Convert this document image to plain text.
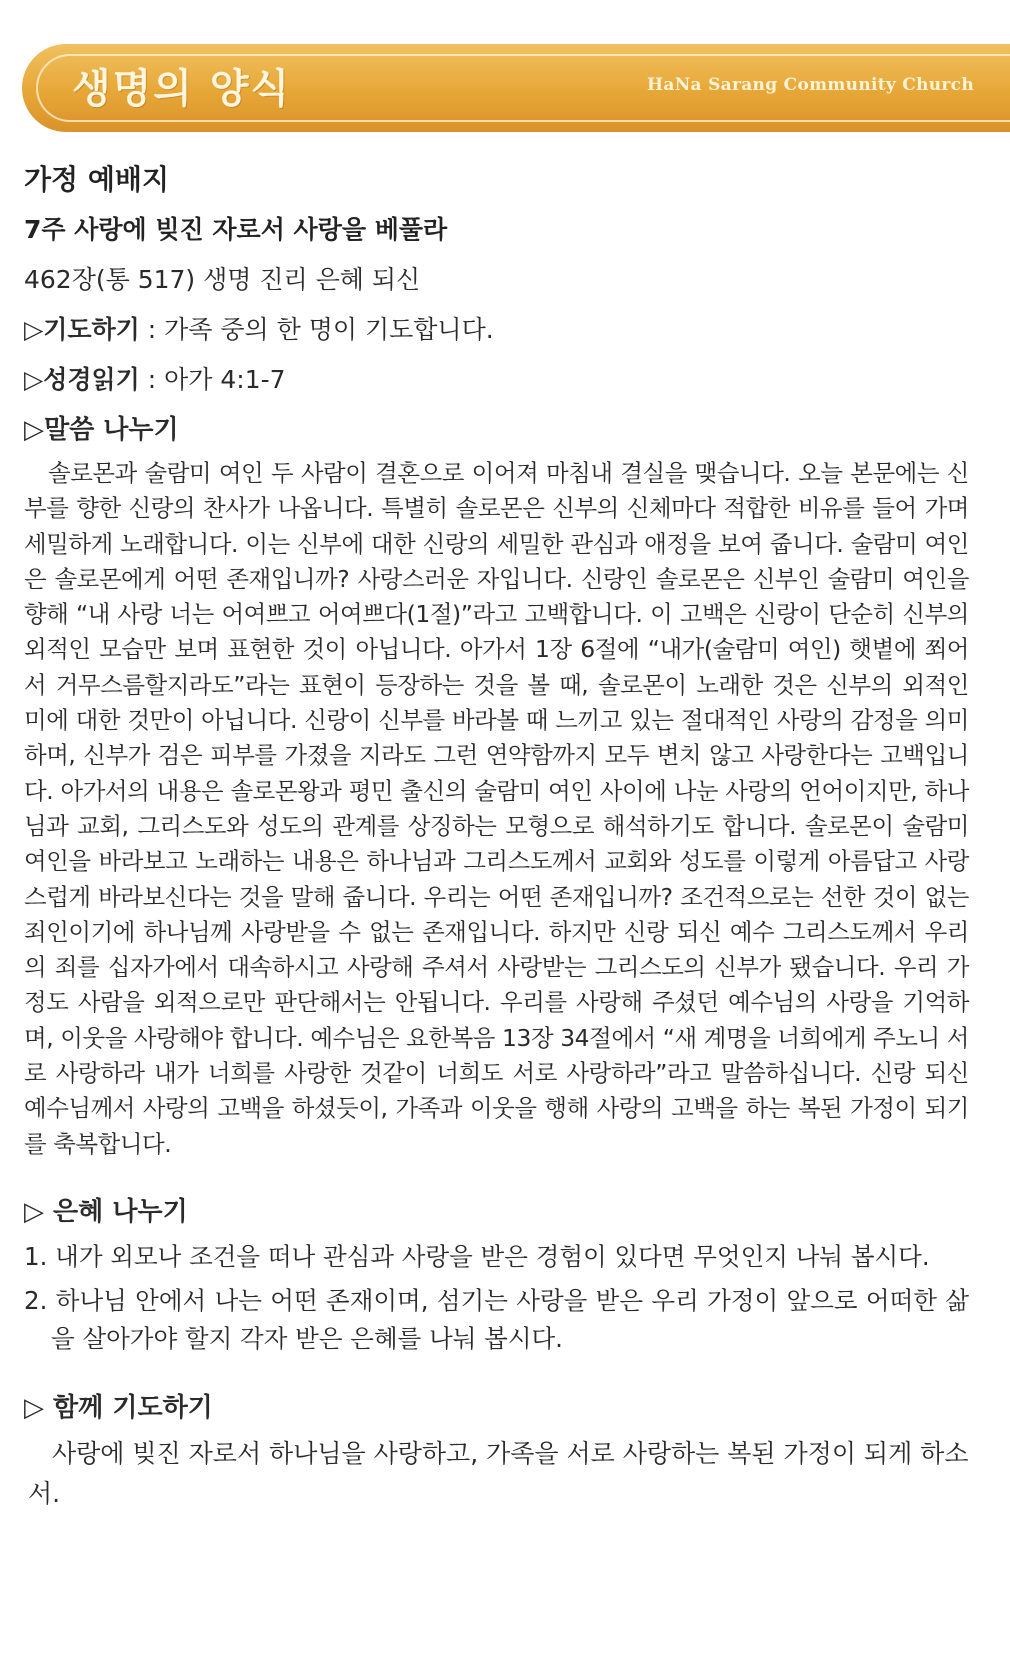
생명의 양식	HaNa Sarang Community Church
가정 예배지
7주 사랑에 빚진 자로서 사랑을 베풀라
462장(통 517) 생명 진리 은혜 되신
▷기도하기 : 가족 중의 한 명이 기도합니다.
▷성경읽기 : 아가 4:1-7
▷말씀 나누기

솔로몬과 술람미 여인 두 사람이 결혼으로 이어져 마침내 결실을 맺습니다. 오늘 본문에는 신부를 향한 신랑의 찬사가 나옵니다. 특별히 솔로몬은 신부의 신체마다 적합한 비유를 들어 가며 세밀하게 노래합니다. 이는 신부에 대한 신랑의 세밀한 관심과 애정을 보여 줍니다. 술람미 여인은 솔로몬에게 어떤 존재입니까? 사랑스러운 자입니다. 신랑인 솔로몬은 신부인 술람미 여인을 향해 “내 사랑 너는 어여쁘고 어여쁘다(1절)”라고 고백합니다. 이 고백은 신랑이 단순히 신부의 외적인 모습만 보며 표현한 것이 아닙니다. 아가서 1장 6절에 “내가(술람미 여인) 햇볕에 쬐어서 거무스름할지라도”라는 표현이 등장하는 것을 볼 때, 솔로몬이 노래한 것은 신부의 외적인 미에 대한 것만이 아닙니다. 신랑이 신부를 바라볼 때 느끼고 있는 절대적인 사랑의 감정을 의미하며, 신부가 검은 피부를 가졌을 지라도 그런 연약함까지 모두 변치 않고 사랑한다는 고백입니다. 아가서의 내용은 솔로몬왕과 평민 출신의 술람미 여인 사이에 나눈 사랑의 언어이지만, 하나님과 교회, 그리스도와 성도의 관계를 상징하는 모형으로 해석하기도 합니다. 솔로몬이 술람미 여인을 바라보고 노래하는 내용은 하나님과 그리스도께서 교회와 성도를 이렇게 아름답고 사랑스럽게 바라보신다는 것을 말해 줍니다. 우리는 어떤 존재입니까? 조건적으로는 선한 것이 없는 죄인이기에 하나님께 사랑받을 수 없는 존재입니다. 하지만 신랑 되신 예수 그리스도께서 우리의 죄를 십자가에서 대속하시고 사랑해 주셔서 사랑받는 그리스도의 신부가 됐습니다. 우리 가정도 사람을 외적으로만 판단해서는 안됩니다. 우리를 사랑해 주셨던 예수님의 사랑을 기억하며, 이웃을 사랑해야 합니다. 예수님은 요한복음 13장 34절에서 “새 계명을 너희에게 주노니 서로 사랑하라 내가 너희를 사랑한 것같이 너희도 서로 사랑하라”라고 말씀하십니다. 신랑 되신 예수님께서 사랑의 고백을 하셨듯이, 가족과 이웃을 행해 사랑의 고백을 하는 복된 가정이 되기를 축복합니다.

▷ 은혜 나누기
1. 내가 외모나 조건을 떠나 관심과 사랑을 받은 경험이 있다면 무엇인지 나눠 봅시다.
2. 하나님 안에서 나는 어떤 존재이며, 섬기는 사랑을 받은 우리 가정이 앞으로 어떠한 삶을 살아가야 할지 각자 받은 은혜를 나눠 봅시다.
▷ 함께 기도하기

사랑에 빚진 자로서 하나님을 사랑하고, 가족을 서로 사랑하는 복된 가정이 되게 하소서.
